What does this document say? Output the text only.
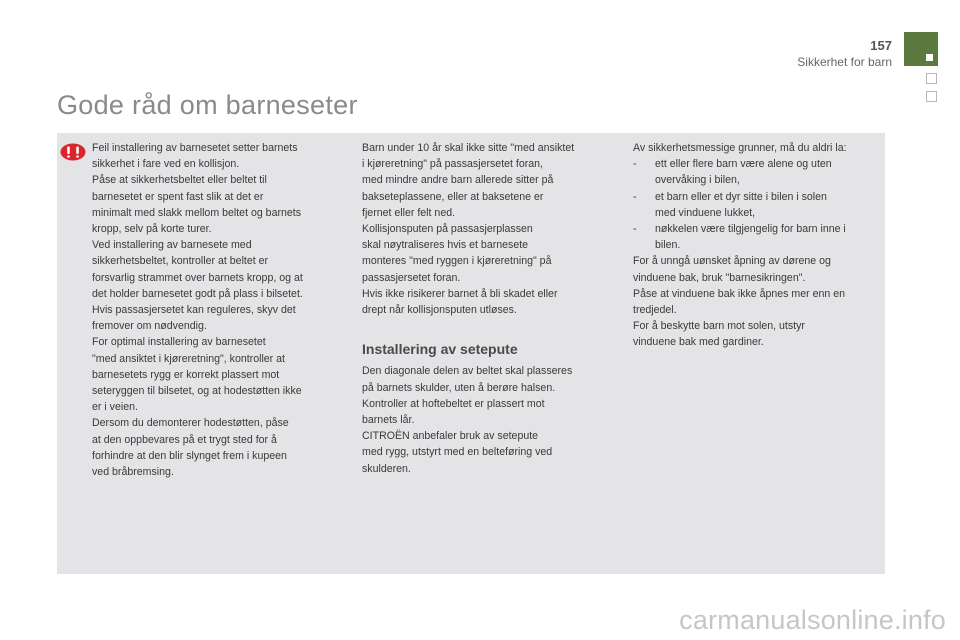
157
Sikkerhet for barn
Gode råd om barneseter

Feil installering av barnesetet setter barnets

sikkerhet i fare ved en kollisjon.

Påse at sikkerhetsbeltet eller beltet til

barnesetet er spent fast slik at det er

minimalt med slakk mellom beltet og barnets

kropp, selv på korte turer.

Ved installering av barnesete med

sikkerhetsbeltet, kontroller at beltet er

forsvarlig strammet over barnets kropp, og at

det holder barnesetet godt på plass i bilsetet.

Hvis passasjersetet kan reguleres, skyv det

fremover om nødvendig.

For optimal installering av barnesetet

"med ansiktet i kjøreretning", kontroller at

barnesetets rygg er korrekt plassert mot

seteryggen til bilsetet, og at hodestøtten ikke

er i veien.

Dersom du demonterer hodestøtten, påse

at den oppbevares på et trygt sted for å

forhindre at den blir slynget frem i kupeen

ved bråbremsing.

Barn under 10 år skal ikke sitte "med ansiktet

i kjøreretning" på passasjersetet foran,

med mindre andre barn allerede sitter på

bakseteplassene, eller at baksetene er

fjernet eller felt ned.

Kollisjonsputen på passasjerplassen

skal nøytraliseres hvis et barnesete

monteres "med ryggen i kjøreretning" på

passasjersetet foran.

Hvis ikke risikerer barnet å bli skadet eller

drept når kollisjonsputen utløses.

Installering av setepute

Den diagonale delen av beltet skal plasseres

på barnets skulder, uten å berøre halsen.

Kontroller at hoftebeltet er plassert mot

barnets lår.

CITROËN anbefaler bruk av setepute

med rygg, utstyrt med en belteføring ved

skulderen.

Av sikkerhetsmessige grunner, må du aldri la:

- ett eller flere barn være alene og uten

overvåking i bilen,

- et barn eller et dyr sitte i bilen i solen

med vinduene lukket,

- nøkkelen være tilgjengelig for barn inne i

bilen.

For å unngå uønsket åpning av dørene og

vinduene bak, bruk "barnesikringen".

Påse at vinduene bak ikke åpnes mer enn en

tredjedel.

For å beskytte barn mot solen, utstyr

vinduene bak med gardiner.

carmanualsonline.info
